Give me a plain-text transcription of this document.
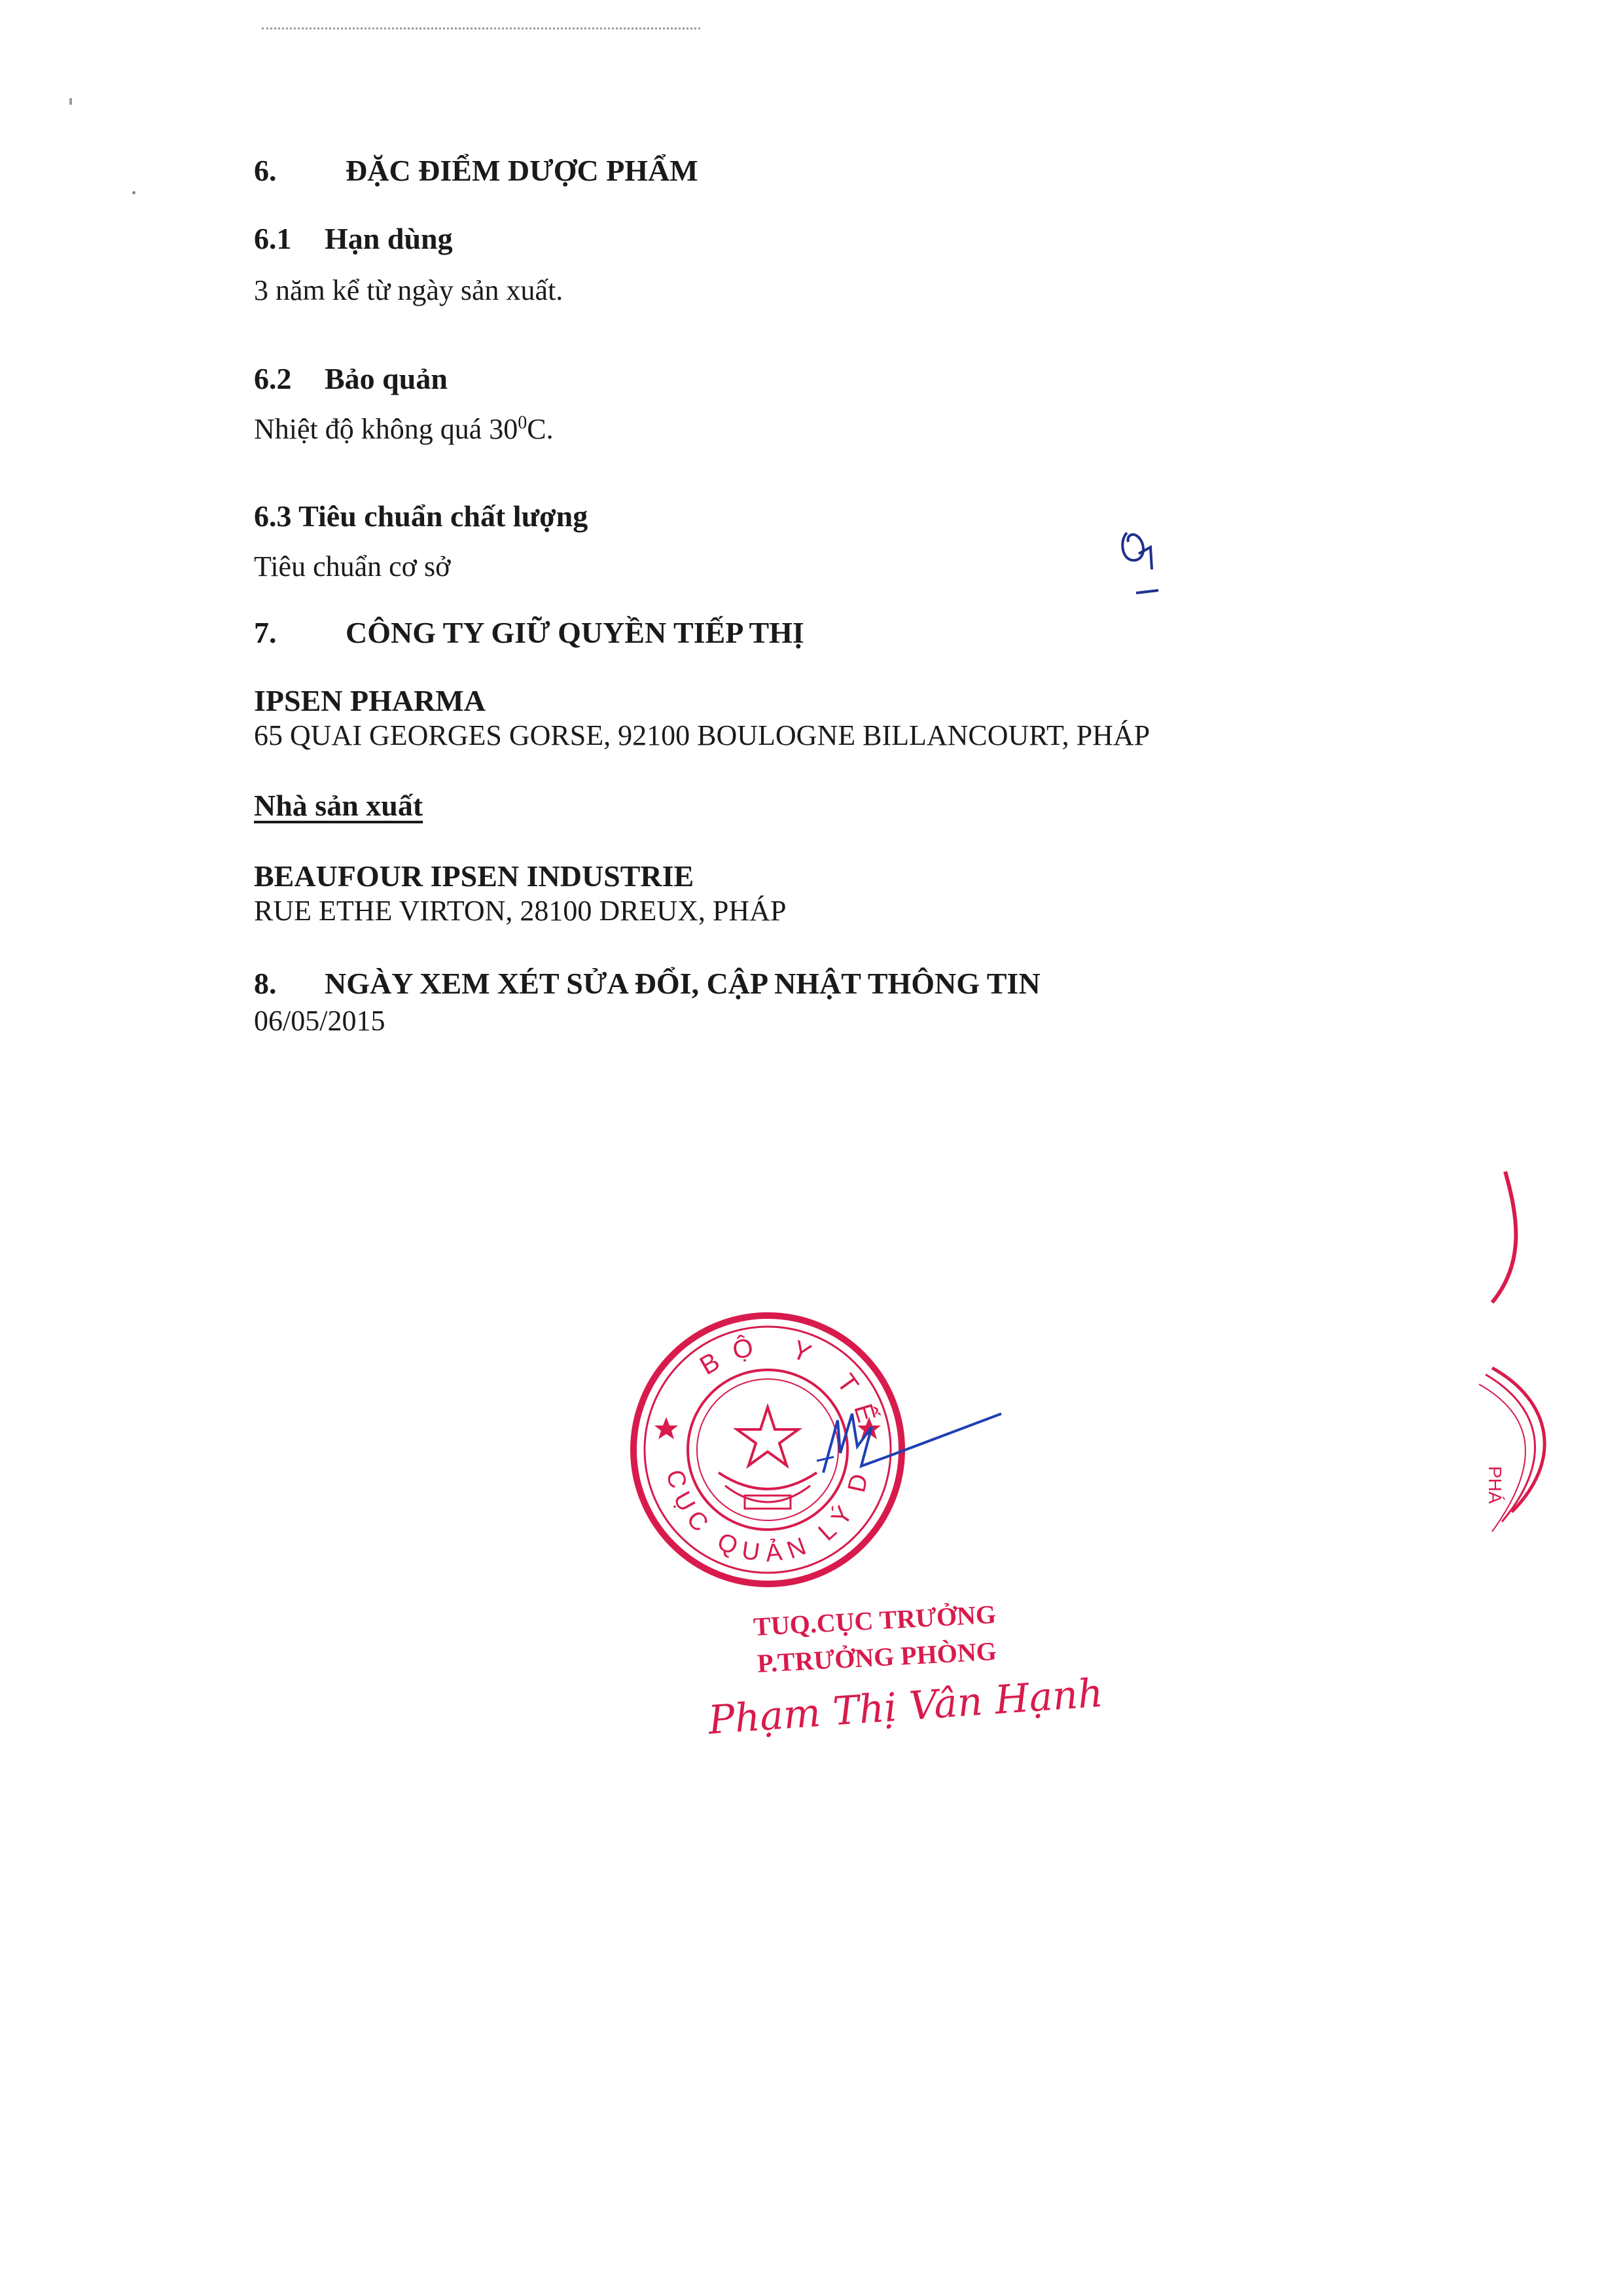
6. ĐẶC ĐIỂM DƯỢC PHẨM
6.1 Hạn dùng
3 năm kể từ ngày sản xuất.
6.2 Bảo quản
Nhiệt độ không quá $30^0C$.
6.3 Tiêu chuẩn chất lượng
Tiêu chuẩn cơ sở
7. CÔNG TY GIỮ QUYỀN TIẾP THỊ
IPSEN PHARMA
65 QUAI GEORGES GORSE, 92100 BOULOGNE BILLANCOURT, PHÁP
Nhà sản xuất
BEAUFOUR IPSEN INDUSTRIE
RUE ETHE VIRTON, 28100 DREUX, PHÁP
8. NGÀY XEM XÉT SỬA ĐỔI, CẬP NHẬT THÔNG TIN
06/05/2015
BỘ Y TẾ
CỤC QUẢN LÝ DƯỢC
TUQ.CỤC TRƯỞNG
P.TRƯỞNG PHÒNG
Phạm Thị Vân Hạnh
PHÁ
